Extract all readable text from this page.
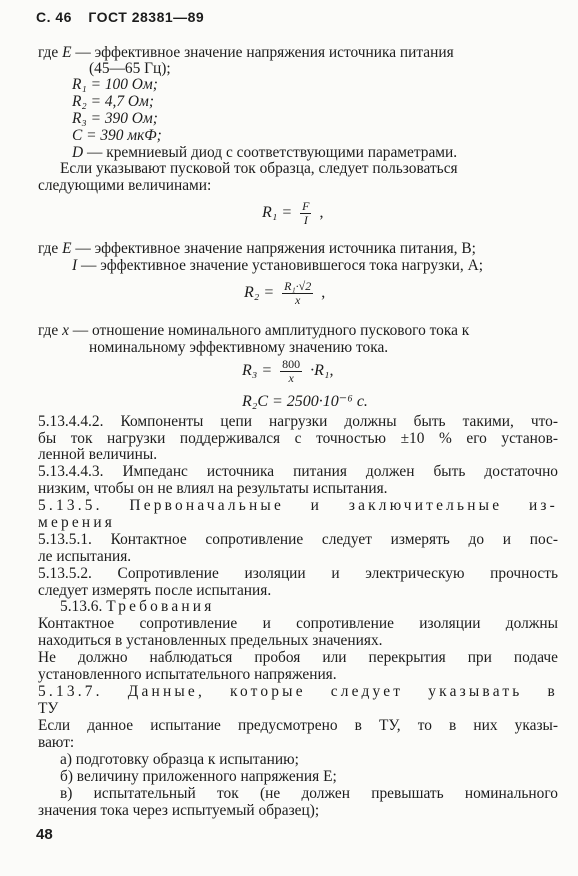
С. 46 ГОСТ 28381—89
где E — эффективное значение напряжения источника питания
(45—65 Гц);
R₁ = 100 Ом;
R₂ = 4,7 Ом;
R₃ = 390 Ом;
C = 390 мкФ;
D — кремниевый диод с соответствующими параметрами.
Если указывают пусковой ток образца, следует пользоваться
следующими величинами:
$R_1 = \frac{F}{I}$ ,
где E — эффективное значение напряжения источника питания, В;
I — эффективное значение установившегося тока нагрузки, А;
$R_2 = \frac{\text{R₁·√2}}{x}$ ,
где x — отношение номинального амплитудного пускового тока к
номинальному эффективному значению тока.
$R_3 = \frac{800}{x} \cdot R_1$,
R₂C = 2500·10⁻⁶ c.
5.13.4.4.2. Компоненты цепи нагрузки должны быть такими, что-
бы ток нагрузки поддерживался с точностью ±10 % его установ-
ленной величины.
5.13.4.4.3. Импеданс источника питания должен быть достаточно
низким, чтобы он не влиял на результаты испытания.
5.13.5. Первоначальные и заключительные из-
мерения
5.13.5.1. Контактное сопротивление следует измерять до и пос-
ле испытания.
5.13.5.2. Сопротивление изоляции и электрическую прочность
следует измерять после испытания.
5.13.6. Требования
Контактное сопротивление и сопротивление изоляции должны
находиться в установленных предельных значениях.
Не должно наблюдаться пробоя или перекрытия при подаче
установленного испытательного напряжения.
5.13.7. Данные, которые следует указывать в
ТУ
Если данное испытание предусмотрено в ТУ, то в них указы-
вают:
а) подготовку образца к испытанию;
б) величину приложенного напряжения E;
в) испытательный ток (не должен превышать номинального
значения тока через испытуемый образец);
48
